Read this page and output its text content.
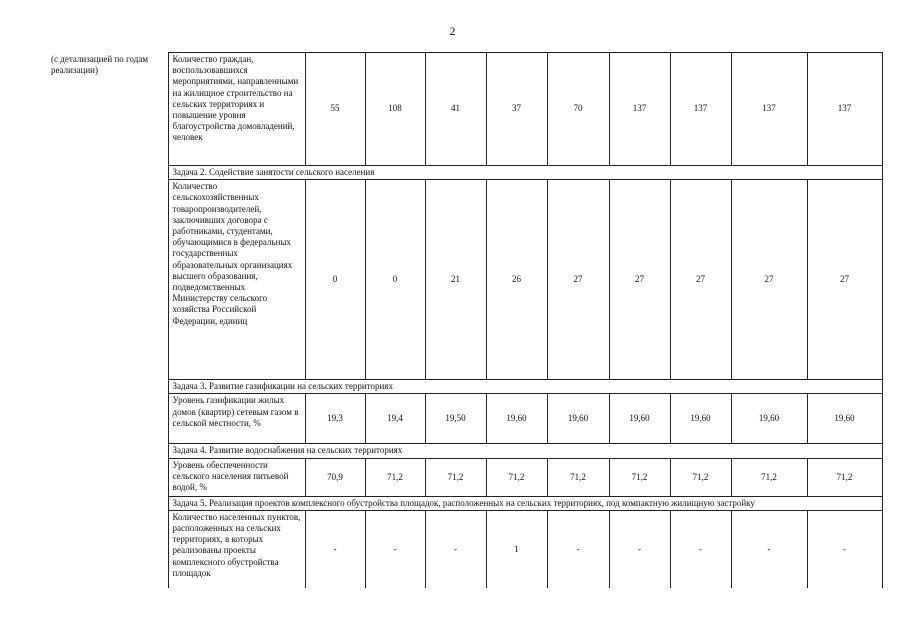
2
(с детализацией по годам реализации)	Количество граждан, воспользовавшихся мероприятиями, направленными на жилищное строительство на сельских территориях и повышение уровня благоустройства домовладений, человек	55	108	41	37	70	137	137	137	137
	Задача 2. Содействие занятости сельского населения									
	Количество сельскохозяйственных товаропроизводителей, заключивших договора с работниками, студентами, обучающимися в федеральных государственных образовательных организациях высшего образования, подведомственных Министерству сельского хозяйства Российской Федерации, единиц	0	0	21	26	27	27	27	27	27
	Задача 3. Развитие газификации на сельских территориях									
	Уровень газификации жилых домов (квартир) сетевым газом в сельской местности, %	19,3	19,4	19,50	19,60	19,60	19,60	19,60	19,60	19,60
	Задача 4. Развитие водоснабжения на сельских территориях									
	Уровень обеспеченности сельского населения питьевой водой, %	70,9	71,2	71,2	71,2	71,2	71,2	71,2	71,2	71,2
	Задача 5. Реализация проектов комплексного обустройства площадок, расположенных на сельских территориях, под компактную жилищную застройку									
	Количество населенных пунктов, расположенных на сельских территориях, в которых реализованы проекты комплексного обустройства площадок	-	-	-	1	-	-	-	-	-
